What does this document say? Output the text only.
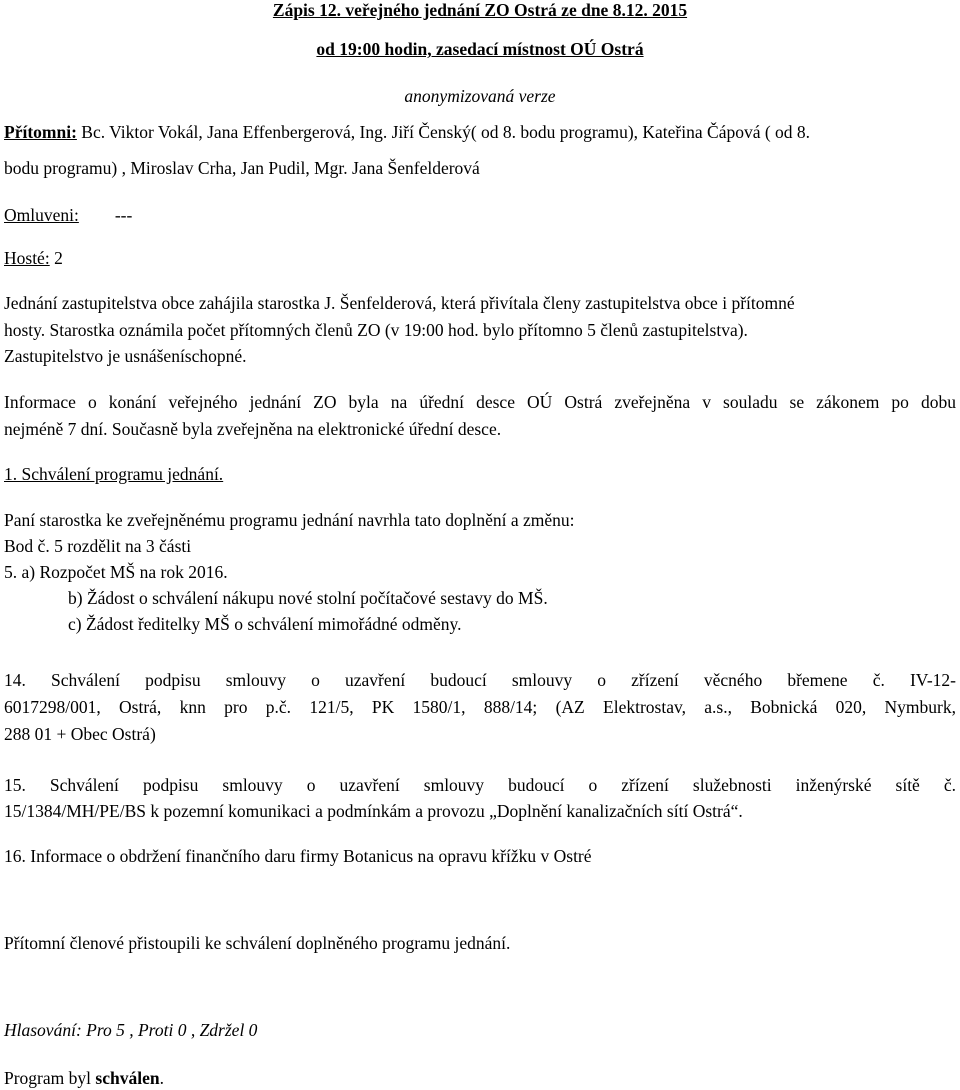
Zápis 12. veřejného jednání ZO Ostrá ze dne 8.12. 2015
od 19:00 hodin, zasedací místnost OÚ Ostrá
anonymizovaná verze
Přítomni: Bc. Viktor Vokál, Jana Effenbergerová, Ing. Jiří Čenský( od 8. bodu programu), Kateřina Čápová ( od 8.
bodu programu) , Miroslav Crha, Jan Pudil, Mgr. Jana Šenfelderová
Omluveni: ---
Hosté: 2
Jednání zastupitelstva obce zahájila starostka J. Šenfelderová, která přivítala členy zastupitelstva obce i přítomné
hosty. Starostka oznámila počet přítomných členů ZO (v 19:00 hod. bylo přítomno 5 členů zastupitelstva).
Zastupitelstvo je usnášeníschopné.
Informace o konání veřejného jednání ZO byla na úřední desce OÚ Ostrá zveřejněna v souladu se zákonem po dobu
nejméně 7 dní. Současně byla zveřejněna na elektronické úřední desce.
1. Schválení programu jednání.
Paní starostka ke zveřejněnému programu jednání navrhla tato doplnění a změnu:
Bod č. 5 rozdělit na 3 části
5. a) Rozpočet MŠ na rok 2016.
b) Žádost o schválení nákupu nové stolní počítačové sestavy do MŠ.
c) Žádost ředitelky MŠ o schválení mimořádné odměny.
14. Schválení podpisu smlouvy o uzavření budoucí smlouvy o zřízení věcného břemene č. IV-12-
6017298/001, Ostrá, knn pro p.č. 121/5, PK 1580/1, 888/14; (AZ Elektrostav, a.s., Bobnická 020, Nymburk,
288 01 + Obec Ostrá)
15. Schválení podpisu smlouvy o uzavření smlouvy budoucí o zřízení služebnosti inženýrské sítě č.
15/1384/MH/PE/BS k pozemní komunikaci a podmínkám a provozu „Doplnění kanalizačních sítí Ostrá“.
16. Informace o obdržení finančního daru firmy Botanicus na opravu křížku v Ostré
Přítomní členové přistoupili ke schválení doplněného programu jednání.
Hlasování: Pro 5 , Proti 0 , Zdržel 0
Program byl schválen.
